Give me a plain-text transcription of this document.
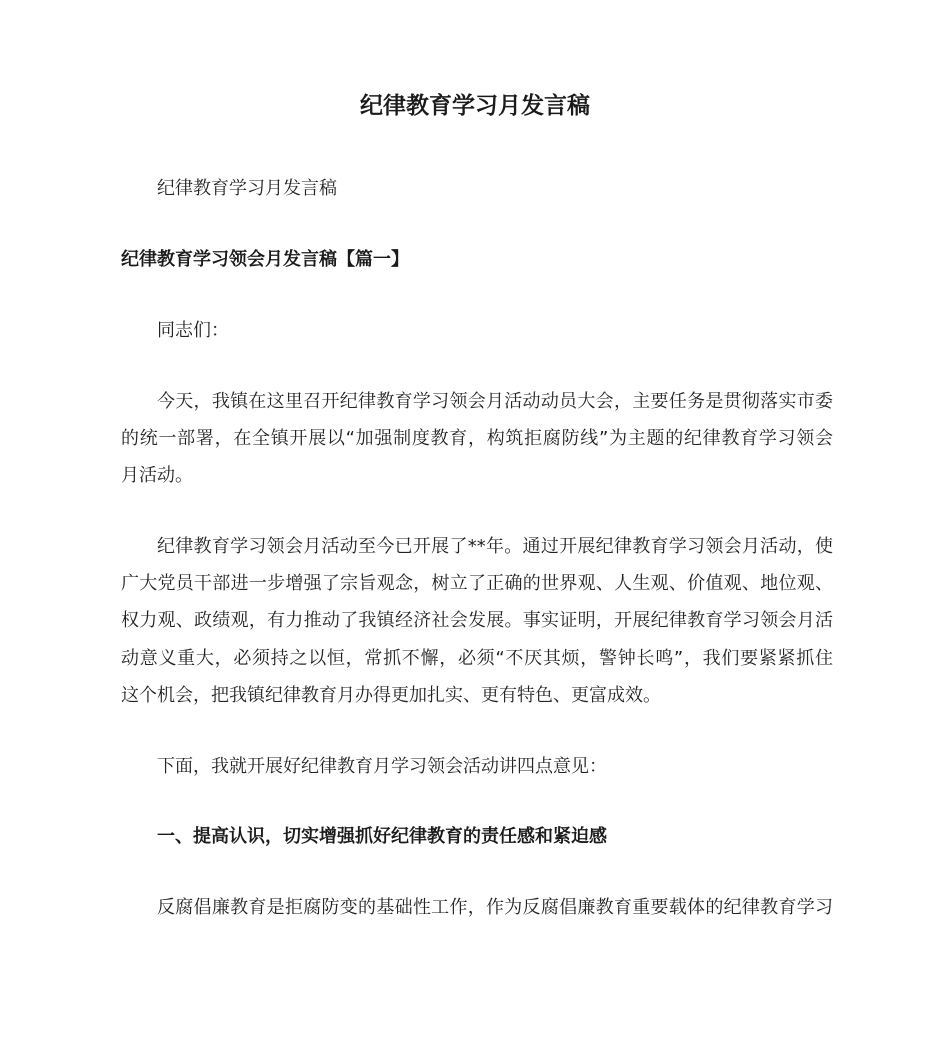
纪律教育学习月发言稿
纪律教育学习月发言稿
纪律教育学习领会月发言稿【篇一】
同志们：
今天，我镇在这里召开纪律教育学习领会月活动动员大会，主要任务是贯彻落实市委
的统一部署，在全镇开展以“加强制度教育，构筑拒腐防线”为主题的纪律教育学习领会
月活动。
纪律教育学习领会月活动至今已开展了**年。通过开展纪律教育学习领会月活动，使
广大党员干部进一步增强了宗旨观念，树立了正确的世界观、人生观、价值观、地位观、
权力观、政绩观，有力推动了我镇经济社会发展。事实证明，开展纪律教育学习领会月活
动意义重大，必须持之以恒，常抓不懈，必须“不厌其烦，警钟长鸣”，我们要紧紧抓住
这个机会，把我镇纪律教育月办得更加扎实、更有特色、更富成效。
下面，我就开展好纪律教育月学习领会活动讲四点意见：
一、提高认识，切实增强抓好纪律教育的责任感和紧迫感
反腐倡廉教育是拒腐防变的基础性工作，作为反腐倡廉教育重要载体的纪律教育学习
